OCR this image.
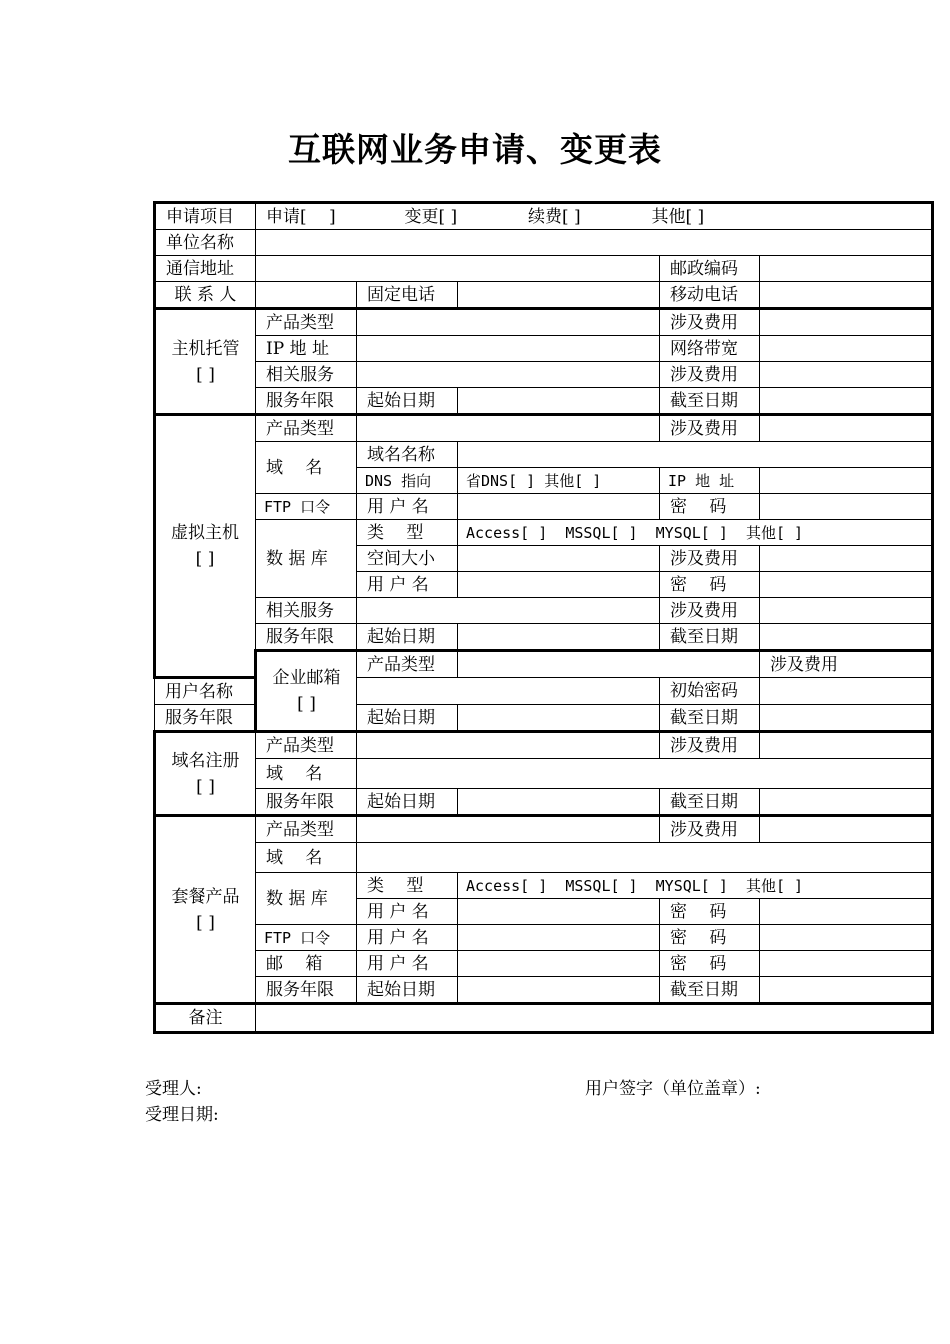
互联网业务申请、变更表
申请项目	申请[　 ] 变更[ ] 续费[ ] 其他[ ]					
单位名称						
通信地址				邮政编码		
联 系 人		固定电话		移动电话		

主机托管
[ ]	产品类型			涉及费用		
	IP 地 址			网络带宽		
	相关服务			涉及费用		
	服务年限	起始日期		截至日期		

虚拟主机
[ ]	产品类型			涉及费用		
	域　 名	域名名称				
		DNS 指向	省DNS[ ] 其他[ ]	IP 地 址		
	FTP 口令	用 户 名		密　 码		
	数 据 库	类　 型	Access[ ]  MSSQL[ ]  MYSQL[ ]  其他[ ]			
		空间大小		涉及费用		
		用 户 名		密　 码		
	相关服务			涉及费用		
	服务年限	起始日期		截至日期		

	企业邮箱
[ ]	产品类型			涉及费用	
用户名称				初始密码		
服务年限		起始日期		截至日期		

域名注册
[ ]	产品类型			涉及费用		
	域　 名					
	服务年限	起始日期		截至日期		

套餐产品
[ ]	产品类型			涉及费用		
	域　 名					
	数 据 库	类　 型	Access[ ]  MSSQL[ ]  MYSQL[ ]  其他[ ]			
		用 户 名		密　 码		
	FTP 口令	用 户 名		密　 码		
	邮　 箱	用 户 名		密　 码		
	服务年限	起始日期		截至日期		
备注						
受理人:	用户签字（单位盖章）:
受理日期:
